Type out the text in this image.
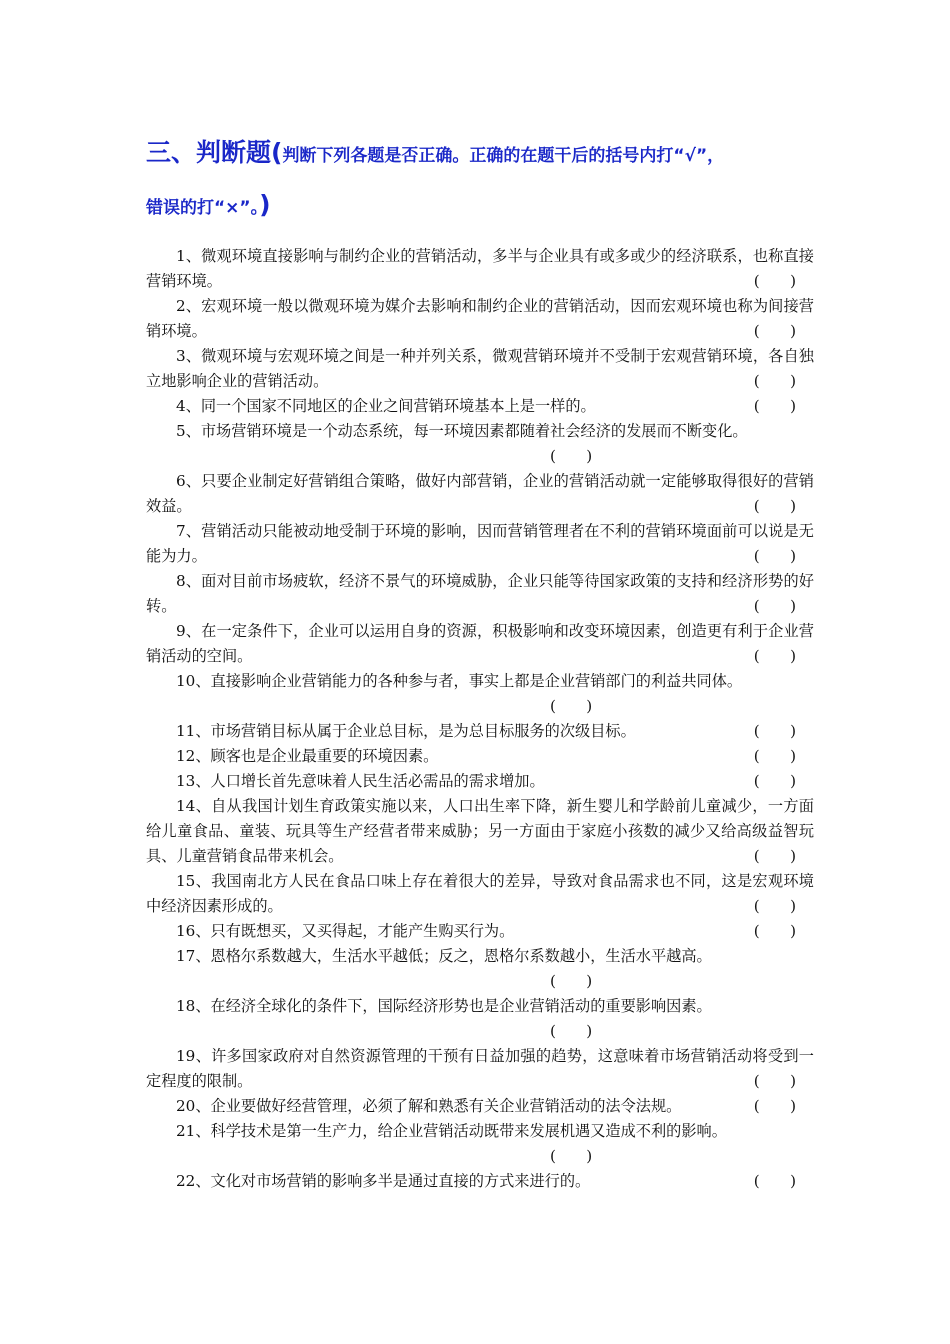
三、判断题(判断下列各题是否正确。正确的在题干后的括号内打“√”，
错误的打“×”。)
1、微观环境直接影响与制约企业的营销活动，多半与企业具有或多或少的经济联系，也称直接营销环境。	(　　)
2、宏观环境一般以微观环境为媒介去影响和制约企业的营销活动，因而宏观环境也称为间接营销环境。	(　　)
3、微观环境与宏观环境之间是一种并列关系，微观营销环境并不受制于宏观营销环境，各自独立地影响企业的营销活动。	(　　)
4、同一个国家不同地区的企业之间营销环境基本上是一样的。	(　　)
5、市场营销环境是一个动态系统，每一环境因素都随着社会经济的发展而不断变化。
(　　)
6、只要企业制定好营销组合策略，做好内部营销，企业的营销活动就一定能够取得很好的营销效益。	(　　)
7、营销活动只能被动地受制于环境的影响，因而营销管理者在不利的营销环境面前可以说是无能为力。	(　　)
8、面对目前市场疲软，经济不景气的环境威胁，企业只能等待国家政策的支持和经济形势的好转。	(　　)
9、在一定条件下，企业可以运用自身的资源，积极影响和改变环境因素，创造更有利于企业营销活动的空间。	(　　)
10、直接影响企业营销能力的各种参与者，事实上都是企业营销部门的利益共同体。
(　　)
11、市场营销目标从属于企业总目标，是为总目标服务的次级目标。	(　　)
12、顾客也是企业最重要的环境因素。	(　　)
13、人口增长首先意味着人民生活必需品的需求增加。	(　　)
14、自从我国计划生育政策实施以来，人口出生率下降，新生婴儿和学龄前儿童减少，一方面给儿童食品、童装、玩具等生产经营者带来威胁；另一方面由于家庭小孩数的减少又给高级益智玩具、儿童营销食品带来机会。	(　　)
15、我国南北方人民在食品口味上存在着很大的差异，导致对食品需求也不同，这是宏观环境中经济因素形成的。	(　　)
16、只有既想买，又买得起，才能产生购买行为。	(　　)
17、恩格尔系数越大，生活水平越低；反之，恩格尔系数越小，生活水平越高。
(　　)
18、在经济全球化的条件下，国际经济形势也是企业营销活动的重要影响因素。
(　　)
19、许多国家政府对自然资源管理的干预有日益加强的趋势，这意味着市场营销活动将受到一定程度的限制。	(　　)
20、企业要做好经营管理，必须了解和熟悉有关企业营销活动的法令法规。	(　　)
21、科学技术是第一生产力，给企业营销活动既带来发展机遇又造成不利的影响。
(　　)
22、文化对市场营销的影响多半是通过直接的方式来进行的。	(　　)
